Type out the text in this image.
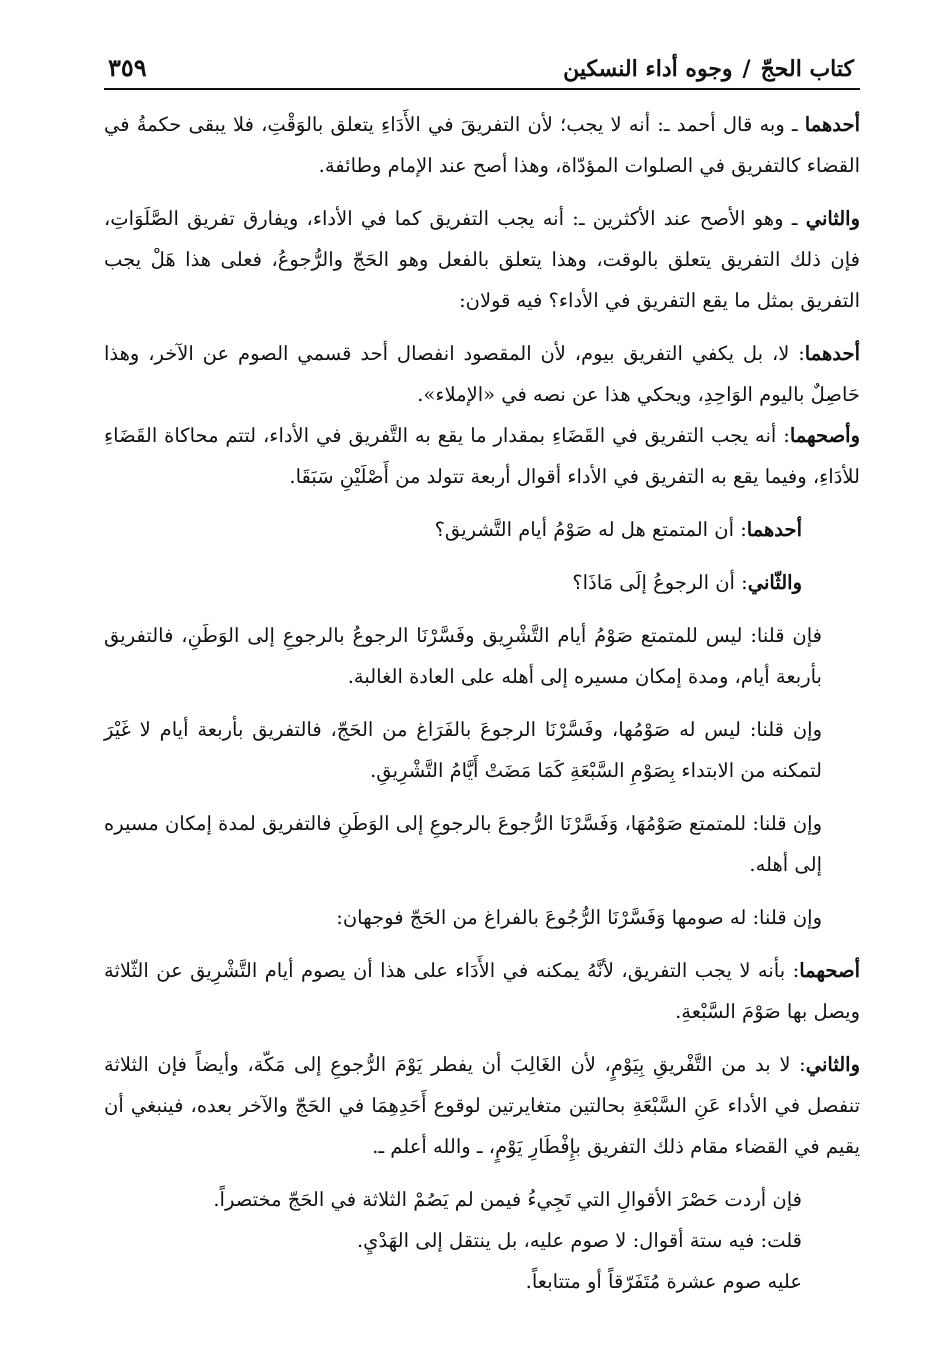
كتاب الحجّ
/
وجوه أداء النسكين
٣٥٩
أحدهما ـ وبه قال أحمد ـ: أنه لا يجب؛ لأن التفريقَ في الأَدَاءِ يتعلق بالوَقْتِ، فلا يبقى حكمةُ في القضاء كالتفريق في الصلوات المؤدّاة، وهذا أصح عند الإمام وطائفة.
والثاني ـ وهو الأصح عند الأكثرين ـ: أنه يجب التفريق كما في الأداء، ويفارق تفريق الصَّلَوَاتِ، فإن ذلك التفريق يتعلق بالوقت، وهذا يتعلق بالفعل وهو الحَجّ والرُّجوعُ، فعلى هذا هَلْ يجب التفريق بمثل ما يقع التفريق في الأداء؟ فيه قولان:
أحدهما: لا، بل يكفي التفريق بيوم، لأن المقصود انفصال أحد قسمي الصوم عن الآخر، وهذا حَاصِلٌ باليوم الوَاحِدِ، ويحكي هذا عن نصه في «الإملاء».
وأصحهما: أنه يجب التفريق في القَضَاءِ بمقدار ما يقع به التَّفريق في الأداء، لتتم محاكاة القَضَاءِ للأدَاءِ، وفيما يقع به التفريق في الأداء أقوال أربعة تتولد من أَصْلَيْنِ سَبَقَا.
أحدهما: أن المتمتع هل له صَوْمُ أيام التَّشريق؟
والثّاني: أن الرجوعُ إلَى مَاذَا؟
فإن قلنا: ليس للمتمتع صَوْمُ أيام التَّشْرِيق وفَسَّرْنَا الرجوعُ بالرجوعِ إلى الوَطَنِ، فالتفريق بأربعة أيام، ومدة إمكان مسيره إلى أهله على العادة الغالبة.
وإن قلنا: ليس له صَوْمُها، وفَسَّرْنَا الرجوعَ بالفَرَاغ من الحَجّ، فالتفريق بأربعة أيام لا غَيْرَ لتمكنه من الابتداء بِصَوْمِ السَّبْعَةِ كَمَا مَضَتْ أَيَّامُ التَّشْرِيقِ.
وإن قلنا: للمتمتع صَوْمُهَا، وَفَسَّرْنَا الرُّجوعَ بالرجوعِ إلى الوَطَنِ فالتفريق لمدة إمكان مسيره إلى أهله.
وإن قلنا: له صومها وَفَسَّرْنَا الرُّجُوعَ بالفراغ من الحَجّ فوجهان:
أصحهما: بأنه لا يجب التفريق، لأنَّهُ يمكنه في الأَدَاء على هذا أن يصوم أيام التَّشْرِيق عن الثّلاثة ويصل بها صَوْمَ السَّبْعةِ.
والثاني: لا بد من التَّفْريقِ بِيَوْمٍ، لأن الغَالِبَ أن يفطر يَوْمَ الرُّجوعِ إلى مَكّة، وأيضاً فإن الثلاثة تنفصل في الأداء عَنِ السَّبْعَةِ بحالتين متغايرتين لوقوع أَحَدِهِمَا في الحَجّ والآخر بعده، فينبغي أن يقيم في القضاء مقام ذلك التفريق بإِفْطَارِ يَوْمٍ، ـ والله أعلم ـ.
فإن أردت حَصْرَ الأقوالِ التي تَجِيءُ فيمن لم يَصُمْ الثلاثة في الحَجّ مختصراً.
قلت: فيه ستة أقوال: لا صوم عليه، بل ينتقل إلى الهَدْيِ.
عليه صوم عشرة مُتَفَرّقاً أو متتابعاً.
